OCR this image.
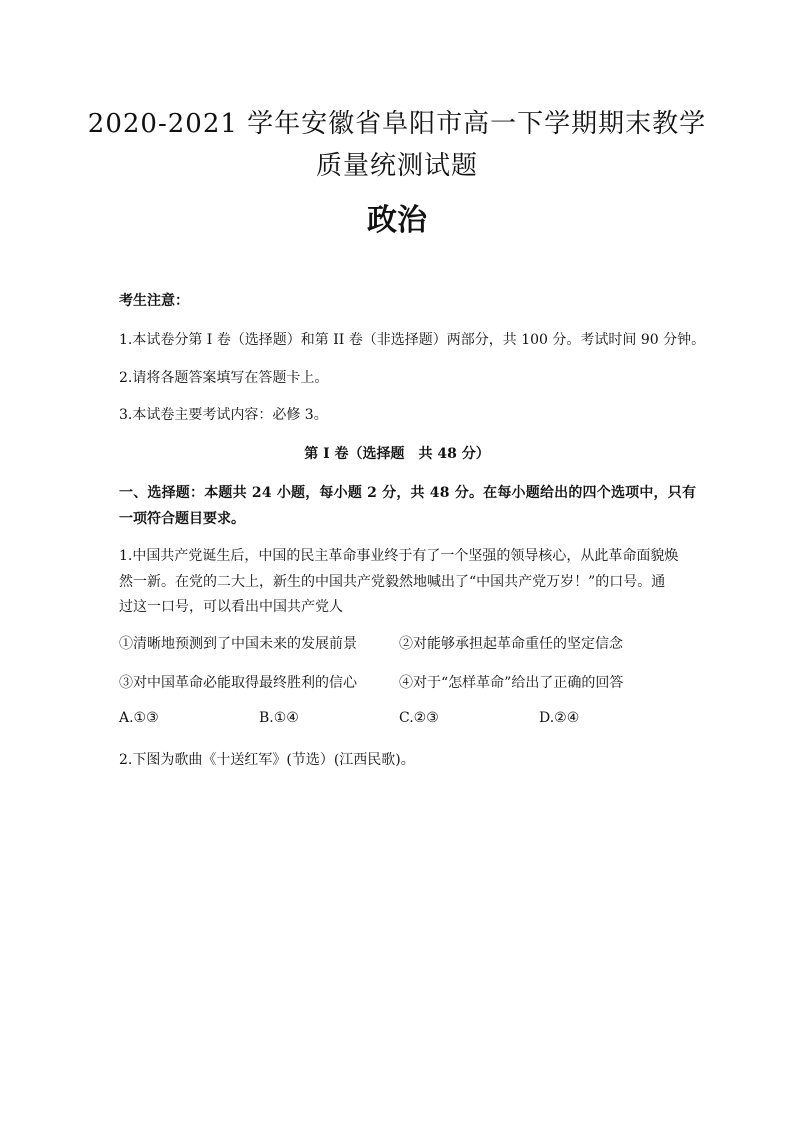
2020-2021 学年安徽省阜阳市高一下学期期末教学
质量统测试题
政治
考生注意：
1.本试卷分第 I 卷（选择题）和第 II 卷（非选择题）两部分，共 100 分。考试时间 90 分钟。
2.请将各题答案填写在答题卡上。
3.本试卷主要考试内容：必修 3。
第 I 卷（选择题　共 48 分）
一、选择题：本题共 24 小题，每小题 2 分，共 48 分。在每小题给出的四个选项中，只有
一项符合题目要求。
1.中国共产党诞生后，中国的民主革命事业终于有了一个坚强的领导核心，从此革命面貌焕
然一新。在党的二大上，新生的中国共产党毅然地喊出了“中国共产党万岁！”的口号。通
过这一口号，可以看出中国共产党人
①清晰地预测到了中国未来的发展前景	②对能够承担起革命重任的坚定信念
③对中国革命必能取得最终胜利的信心	④对于“怎样革命”给出了正确的回答
A.①③	B.①④	C.②③	D.②④
2.下图为歌曲《十送红军》(节选）(江西民歌)。
